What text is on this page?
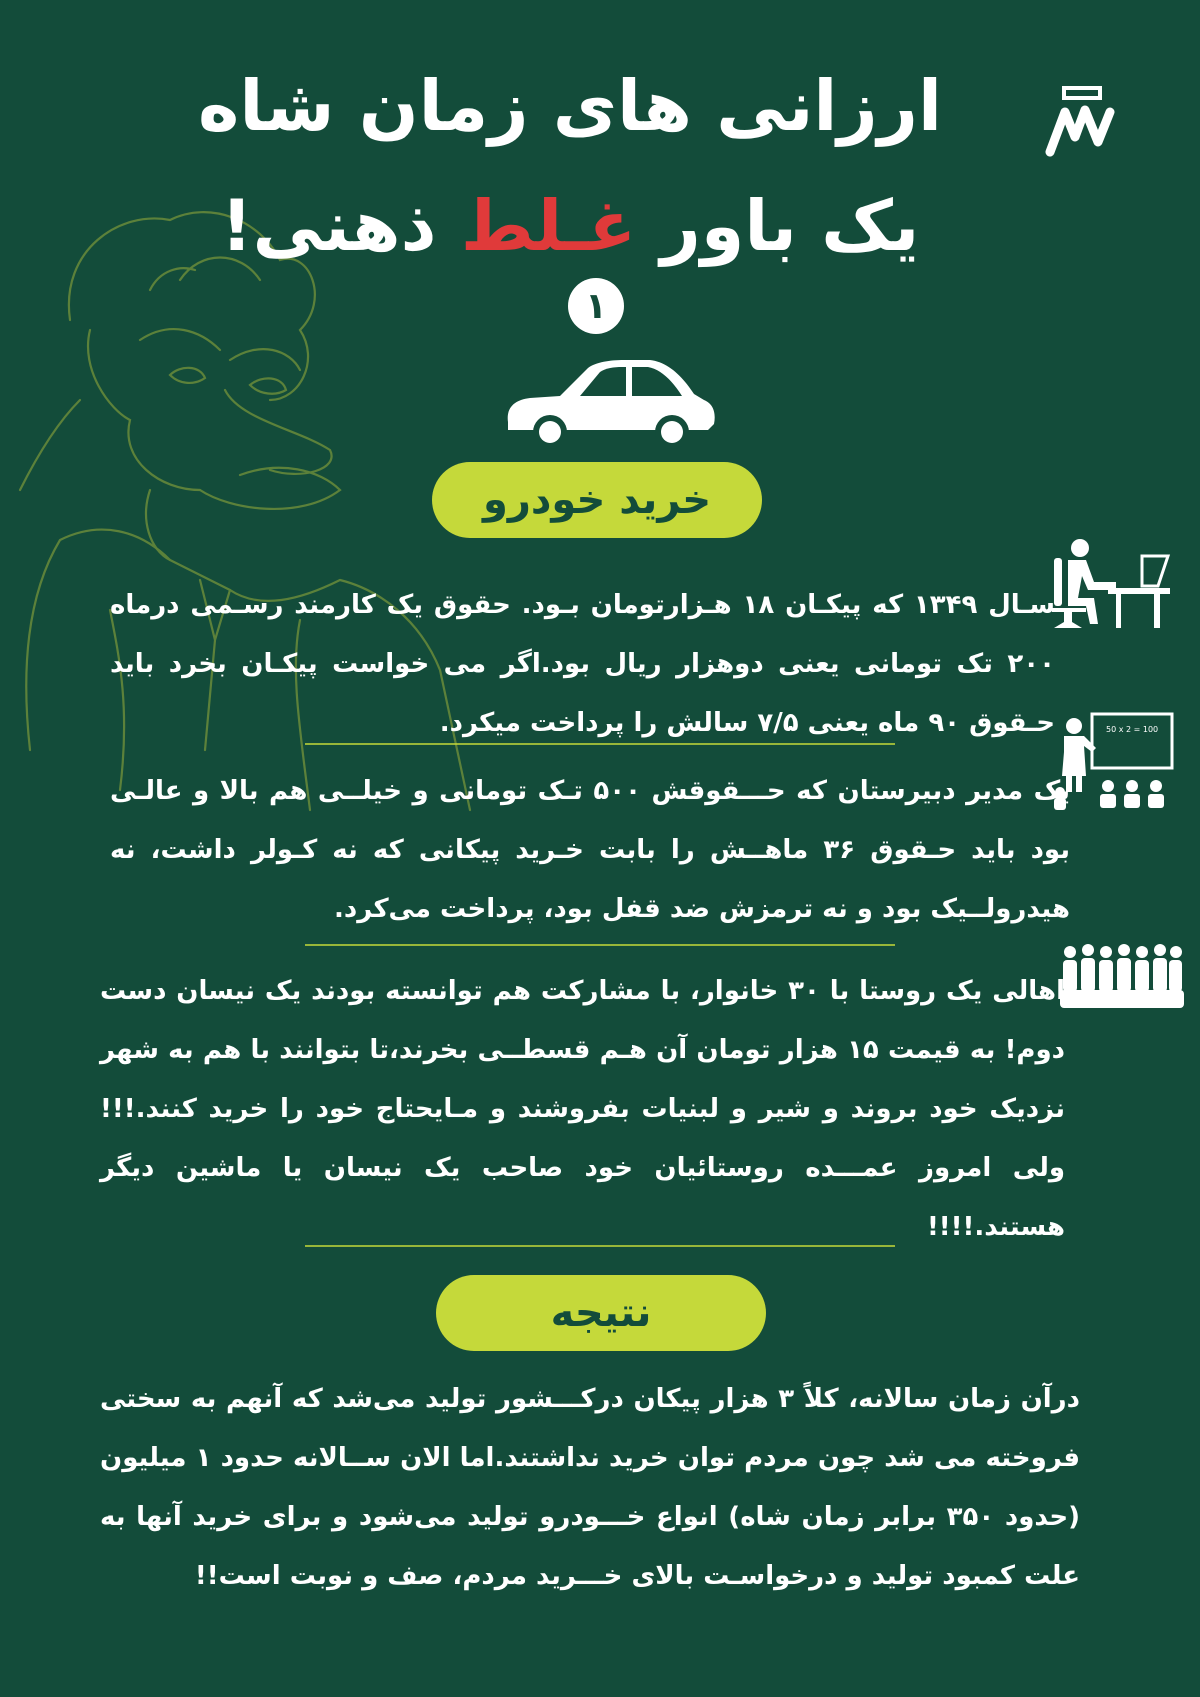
ارزانی های زمان شاه
یک باور غـلط ذهنی!
۱
خرید خودرو
سـال ۱۳۴۹ که پیکـان ۱۸ هـزارتومان بـود. حقوق یک کارمند رسـمی درماه ۲۰۰ تک تومانی یعنی دوهزار ریال بود.اگر می خواست پیکـان بخرد باید حـقوق ۹۰ ماه یعنی ۷/۵ سالش را پرداخت میکرد.	50 x 2 = 100
یک مدیر دبیرستان که حـــقوقش ۵۰۰ تـک تومانی و خیلــی هم بالا و عالـی بود باید حـقوق ۳۶ ماهــش را بابت خـرید پیکانی که نه کـولر داشت، نه هیدرولــیک بود و نه ترمزش ضد قفل بود، پرداخت می‌کرد.
اهالی یک روستا با ۳۰ خانوار، با مشارکت هم توانسته بودند یک نیسان دست دوم! به قیمت ۱۵ هزار تومان آن هـم قسطــی بخرند،تا بتوانند با هم به شهر نزدیک خود بروند و شیر و لبنیات بفروشند و مـایحتاج خود را خرید کنند.!!! ولی امروز عمـــده روستائیان خود صاحب یک نیسان یا ماشین دیگر هستند.!!!!
نتیجه
درآن زمان سالانه، کلاً ۳ هزار پیکان درکـــشور تولید می‌شد که آنهم به سختی فروخته می شد چون مردم توان خرید نداشتند.اما الان ســالانه حدود ۱ میلیون (حدود ۳۵۰ برابر زمان شاه) انواع خـــودرو تولید می‌شود و برای خرید آنها به علت کمبود تولید و درخواسـت بالای خـــرید مردم، صف و نوبت است!!
